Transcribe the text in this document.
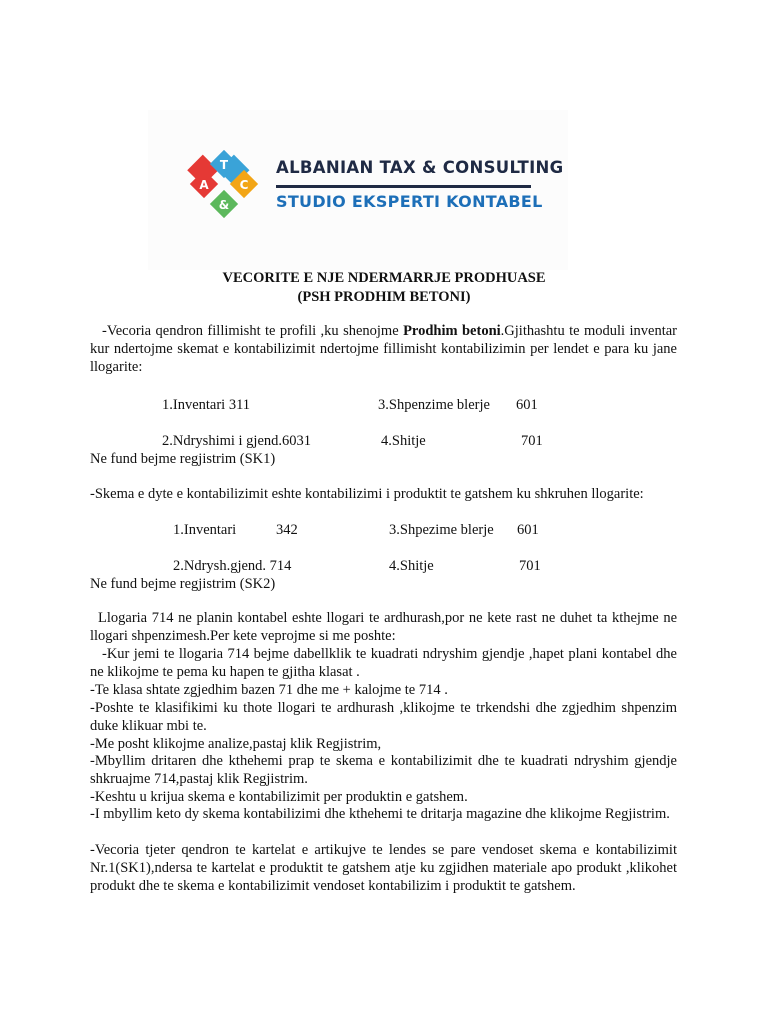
T
A	C
&
ALBANIAN TAX & CONSULTING
STUDIO EKSPERTI KONTABEL
VECORITE E NJE NDERMARRJE PRODHUASE
(PSH PRODHIM BETONI)
-Vecoria qendron fillimisht te profili ,ku shenojme Prodhim betoni.Gjithashtu te moduli inventar kur ndertojme skemat e kontabilizimit ndertojme fillimisht kontabilizimin per lendet e para ku jane llogarite:
1.Inventari 311	3.Shpenzime blerje 601
2.Ndryshimi i gjend.6031	4.Shitje	701
Ne fund bejme regjistrim (SK1)
-Skema e dyte e kontabilizimit eshte kontabilizimi i produktit te gatshem ku shkruhen llogarite:
1.Inventari	342	3.Shpezime blerje 601
2.Ndrysh.gjend. 714	4.Shitje	701
Ne fund bejme regjistrim (SK2)
Llogaria 714 ne planin kontabel eshte llogari te ardhurash,por ne kete rast ne duhet ta kthejme ne llogari shpenzimesh.Per kete veprojme si me poshte:
-Kur jemi te llogaria 714 bejme dabellklik te kuadrati ndryshim gjendje ,hapet plani kontabel dhe ne klikojme te pema ku hapen te gjitha klasat .
-Te klasa shtate zgjedhim bazen 71 dhe me + kalojme te 714 .
-Poshte te klasifikimi ku thote llogari te ardhurash ,klikojme te trkendshi dhe zgjedhim shpenzim duke klikuar mbi te.
-Me posht klikojme analize,pastaj klik Regjistrim,
-Mbyllim dritaren dhe kthehemi prap te skema e kontabilizimit dhe te kuadrati ndryshim gjendje shkruajme 714,pastaj klik Regjistrim.
-Keshtu u krijua skema e kontabilizimit per produktin e gatshem.
-I mbyllim keto dy skema kontabilizimi dhe kthehemi te dritarja magazine dhe klikojme Regjistrim.
-Vecoria tjeter qendron te kartelat e artikujve te lendes se pare vendoset skema e kontabilizimit Nr.1(SK1),ndersa te kartelat e produktit te gatshem atje ku zgjidhen materiale apo produkt ,klikohet produkt dhe te skema e kontabilizimit vendoset kontabilizim i produktit te gatshem.
